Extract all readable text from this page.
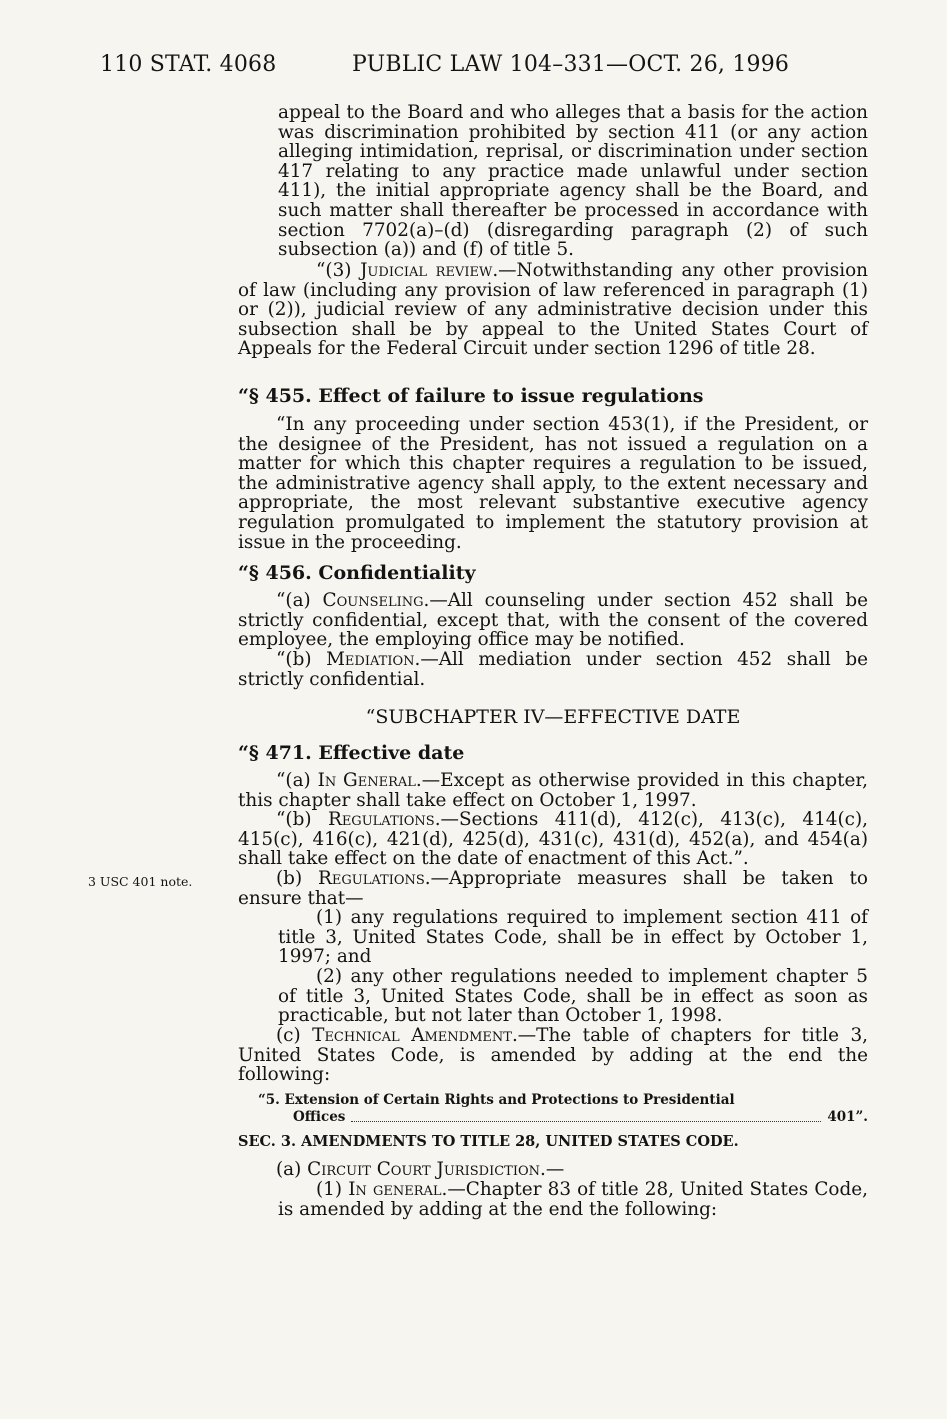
110 STAT. 4068	PUBLIC LAW 104–331—OCT. 26, 1996

appeal to the Board and who alleges that a basis for the action was discrimination prohibited by section 411 (or any action alleging intimidation, reprisal, or discrimination under section 417 relating to any practice made unlawful under section 411), the initial appropriate agency shall be the Board, and such matter shall thereafter be processed in accordance with section 7702(a)–(d) (disregarding paragraph (2) of such subsection (a)) and (f) of title 5.

“(3) Judicial review.—Notwithstanding any other provision of law (including any provision of law referenced in paragraph (1) or (2)), judicial review of any administrative decision under this subsection shall be by appeal to the United States Court of Appeals for the Federal Circuit under section 1296 of title 28.

“§ 455. Effect of failure to issue regulations

“In any proceeding under section 453(1), if the President, or the designee of the President, has not issued a regulation on a matter for which this chapter requires a regulation to be issued, the administrative agency shall apply, to the extent necessary and appropriate, the most relevant substantive executive agency regulation promulgated to implement the statutory provision at issue in the proceeding.

“§ 456. Confidentiality

“(a) Counseling.—All counseling under section 452 shall be strictly confidential, except that, with the consent of the covered employee, the employing office may be notified.

“(b) Mediation.—All mediation under section 452 shall be strictly confidential.

“SUBCHAPTER IV—EFFECTIVE DATE
“§ 471. Effective date

“(a) In General.—Except as otherwise provided in this chapter, this chapter shall take effect on October 1, 1997.

“(b) Regulations.—Sections 411(d), 412(c), 413(c), 414(c), 415(c), 416(c), 421(d), 425(d), 431(c), 431(d), 452(a), and 454(a) shall take effect on the date of enactment of this Act.”.

3 USC 401 note.	(b) Regulations.—Appropriate measures shall be taken to ensure that—

(1) any regulations required to implement section 411 of title 3, United States Code, shall be in effect by October 1, 1997; and

(2) any other regulations needed to implement chapter 5 of title 3, United States Code, shall be in effect as soon as practicable, but not later than October 1, 1998.

(c) Technical Amendment.—The table of chapters for title 3, United States Code, is amended by adding at the end the following:

“5. Extension of Certain Rights and Protections to Presidential
Offices	401”.
SEC. 3. AMENDMENTS TO TITLE 28, UNITED STATES CODE.

(a) Circuit Court Jurisdiction.—

(1) In general.—Chapter 83 of title 28, United States Code, is amended by adding at the end the following:
